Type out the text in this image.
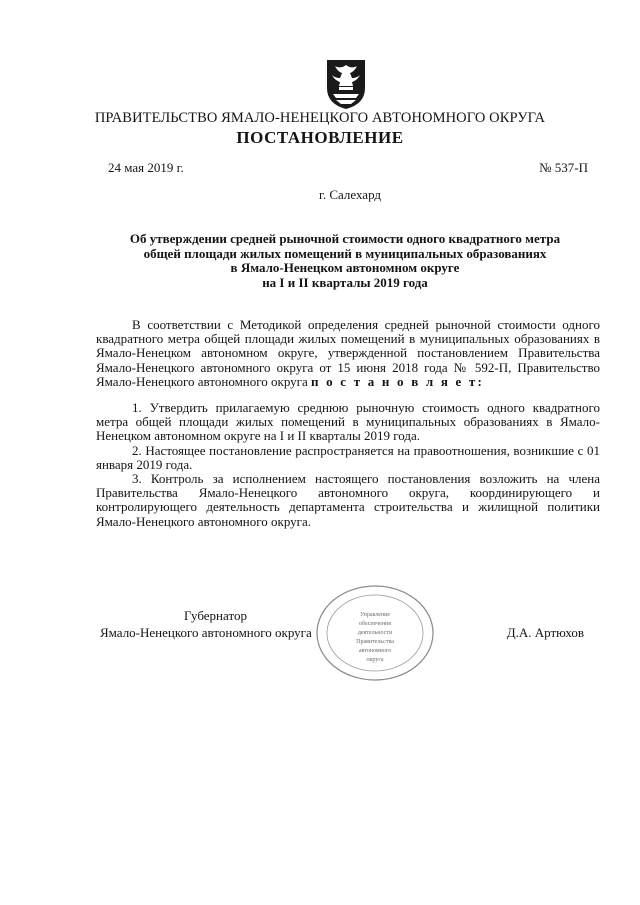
ПРАВИТЕЛЬСТВО ЯМАЛО-НЕНЕЦКОГО АВТОНОМНОГО ОКРУГА
ПОСТАНОВЛЕНИЕ
24 мая 2019 г.	№ 537-П
г. Салехард
Об утверждении средней рыночной стоимости одного квадратного метра
общей площади жилых помещений в муниципальных образованиях
в Ямало-Ненецком автономном округе
на I и II кварталы 2019 года

В соответствии с Методикой определения средней рыночной стоимости одного квадратного метра общей площади жилых помещений в муниципальных образованиях в Ямало-Ненецком автономном округе, утвержденной постановлением Правительства Ямало-Ненецкого автономного округа от 15 июня 2018 года № 592-П, Правительство Ямало-Ненецкого автономного округа п о с т а н о в л я е т:

1. Утвердить прилагаемую среднюю рыночную стоимость одного квадратного метра общей площади жилых помещений в муниципальных образованиях в Ямало-Ненецком автономном округе на I и II кварталы 2019 года.

2. Настоящее постановление распространяется на правоотношения, возникшие с 01 января 2019 года.

3. Контроль за исполнением настоящего постановления возложить на члена Правительства Ямало-Ненецкого автономного округа, координирующего и контролирующего деятельность департамента строительства и жилищной политики Ямало-Ненецкого автономного округа.

Управление
обеспечения
деятельности
Правительства
автономного
округа
Губернатор
Ямало-Ненецкого автономного округа	Д.А. Артюхов
